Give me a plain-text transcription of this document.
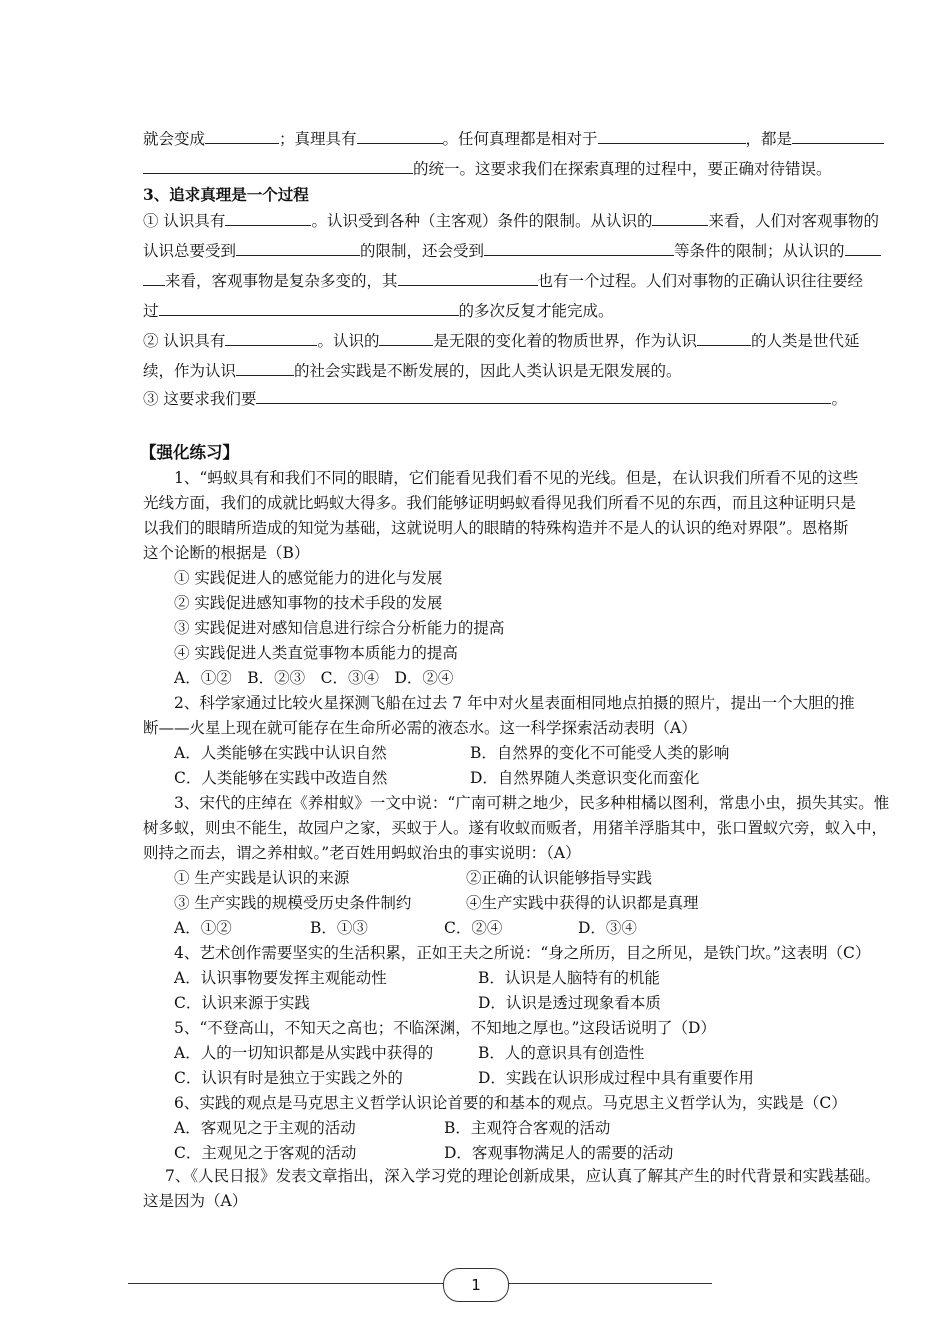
就会变成	；真理具有	。任何真理都是相对于	，都是
的统一。这要求我们在探索真理的过程中，要正确对待错误。
3、追求真理是一个过程
① 认识具有	。认识受到各种（主客观）条件的限制。从认识的	来看，人们对客观事物的
认识总要受到	的限制，还会受到	等条件的限制；从认识的
来看，客观事物是复杂多变的，其	也有一个过程。人们对事物的正确认识往往要经
过	的多次反复才能完成。
② 认识具有	。认识的	是无限的变化着的物质世界，作为认识	的人类是世代延
续，作为认识	的社会实践是不断发展的，因此人类认识是无限发展的。
③ 这要求我们要	。
【强化练习】
1、“蚂蚁具有和我们不同的眼睛，它们能看见我们看不见的光线。但是，在认识我们所看不见的这些
光线方面，我们的成就比蚂蚁大得多。我们能够证明蚂蚁看得见我们所看不见的东西，而且这种证明只是
以我们的眼睛所造成的知觉为基础，这就说明人的眼睛的特殊构造并不是人的认识的绝对界限”。恩格斯
这个论断的根据是（B）
① 实践促进人的感觉能力的进化与发展
② 实践促进感知事物的技术手段的发展
③ 实践促进对感知信息进行综合分析能力的提高
④ 实践促进人类直觉事物本质能力的提高
A．①②　B．②③　C．③④　D．②④
2、科学家通过比较火星探测飞船在过去 7 年中对火星表面相同地点拍摄的照片，提出一个大胆的推
断——火星上现在就可能存在生命所必需的液态水。这一科学探索活动表明（A）
A．人类能够在实践中认识自然	B．自然界的变化不可能受人类的影响
C．人类能够在实践中改造自然	D．自然界随人类意识变化而蛮化
3、宋代的庄绰在《养柑蚁》一文中说：“广南可耕之地少，民多种柑橘以图利，常患小虫，损失其实。惟
树多蚁，则虫不能生，故园户之家，买蚁于人。遂有收蚁而贩者，用猪羊浮脂其中，张口置蚁穴旁，蚁入中，
则持之而去，谓之养柑蚁。”老百姓用蚂蚁治虫的事实说明：（A）
① 生产实践是认识的来源	②正确的认识能够指导实践
③ 生产实践的规模受历史条件制约	④生产实践中获得的认识都是真理
A．①②	B．①③	C．②④	D．③④
4、艺术创作需要坚实的生活积累，正如王夫之所说：“身之所历，目之所见，是铁门坎。”这表明（C）
A．认识事物要发挥主观能动性	B．认识是人脑特有的机能
C．认识来源于实践	D．认识是透过现象看本质
5、“不登高山，不知天之高也；不临深渊，不知地之厚也。”这段话说明了（D）
A．人的一切知识都是从实践中获得的	B．人的意识具有创造性
C．认识有时是独立于实践之外的	D．实践在认识形成过程中具有重要作用
6、实践的观点是马克思主义哲学认识论首要的和基本的观点。马克思主义哲学认为，实践是（C）
A．客观见之于主观的活动	B．主观符合客观的活动
C．主观见之于客观的活动	D．客观事物满足人的需要的活动
7、《人民日报》发表文章指出，深入学习党的理论创新成果，应认真了解其产生的时代背景和实践基础。
这是因为（A）
1
